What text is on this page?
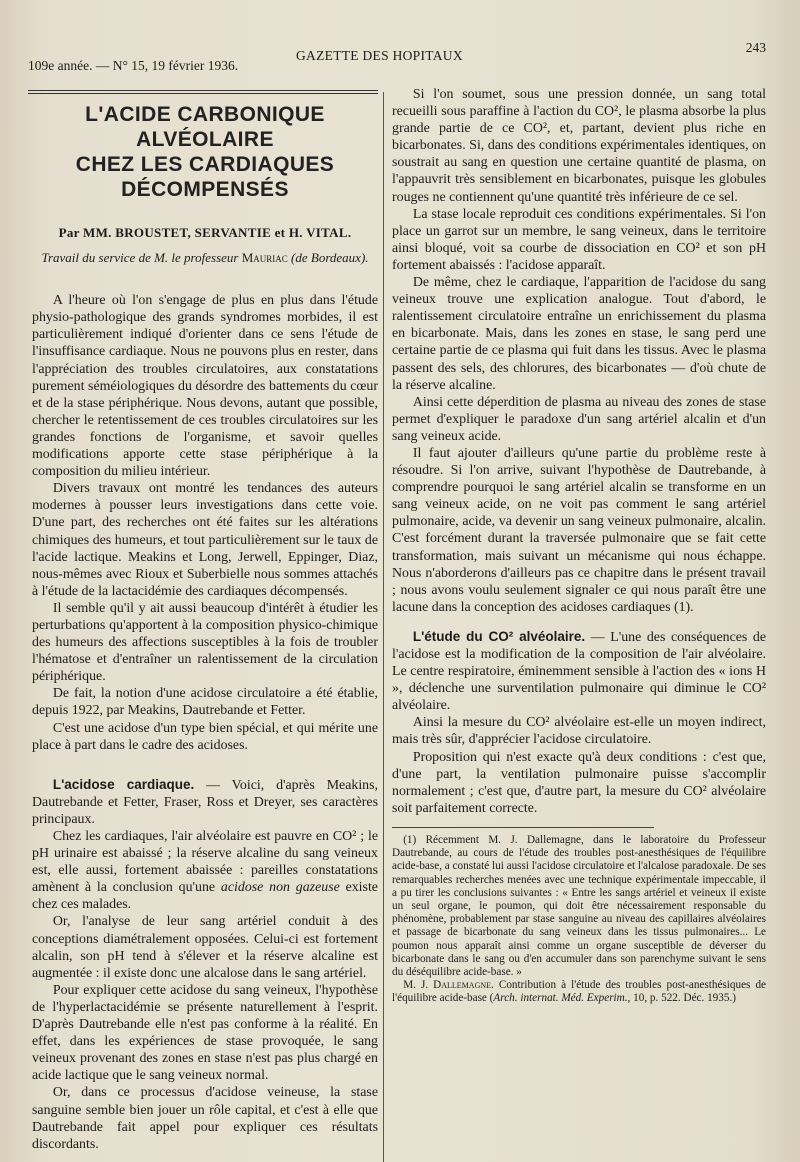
109e année. — N° 15, 19 février 1936.
GAZETTE DES HOPITAUX
243
L'ACIDE CARBONIQUE ALVÉOLAIRE
CHEZ LES CARDIAQUES DÉCOMPENSÉS
Par MM. BROUSTET, SERVANTIE et H. VITAL.
Travail du service de M. le professeur Mauriac (de Bordeaux).

A l'heure où l'on s'engage de plus en plus dans l'étude physio-pathologique des grands syndromes morbides, il est particulièrement indiqué d'orienter dans ce sens l'étude de l'insuffisance cardiaque. Nous ne pouvons plus en rester, dans l'appréciation des troubles circulatoires, aux constatations purement séméiologiques du désordre des battements du cœur et de la stase périphérique. Nous devons, autant que possible, chercher le retentissement de ces troubles circulatoires sur les grandes fonctions de l'organisme, et savoir quelles modifications apporte cette stase périphérique à la composition du milieu intérieur.

Divers travaux ont montré les tendances des auteurs modernes à pousser leurs investigations dans cette voie. D'une part, des recherches ont été faites sur les altérations chimiques des humeurs, et tout particulièrement sur le taux de l'acide lactique. Meakins et Long, Jerwell, Eppinger, Diaz, nous-mêmes avec Rioux et Suberbielle nous sommes attachés à l'étude de la lactacidémie des cardiaques décompensés.

Il semble qu'il y ait aussi beaucoup d'intérêt à étudier les perturbations qu'apportent à la composition physico-chimique des humeurs des affections susceptibles à la fois de troubler l'hématose et d'entraîner un ralentissement de la circulation périphérique.

De fait, la notion d'une acidose circulatoire a été établie, depuis 1922, par Meakins, Dautrebande et Fetter.

C'est une acidose d'un type bien spécial, et qui mérite une place à part dans le cadre des acidoses.

L'acidose cardiaque. — Voici, d'après Meakins, Dautrebande et Fetter, Fraser, Ross et Dreyer, ses caractères principaux.

Chez les cardiaques, l'air alvéolaire est pauvre en CO² ; le pH urinaire est abaissé ; la réserve alcaline du sang veineux est, elle aussi, fortement abaissée : pareilles constatations amènent à la conclusion qu'une acidose non gazeuse existe chez ces malades.

Or, l'analyse de leur sang artériel conduit à des conceptions diamétralement opposées. Celui-ci est fortement alcalin, son pH tend à s'élever et la réserve alcaline est augmentée : il existe donc une alcalose dans le sang artériel.

Pour expliquer cette acidose du sang veineux, l'hypothèse de l'hyperlactacidémie se présente naturellement à l'esprit. D'après Dautrebande elle n'est pas conforme à la réalité. En effet, dans les expériences de stase provoquée, le sang veineux provenant des zones en stase n'est pas plus chargé en acide lactique que le sang veineux normal.

Or, dans ce processus d'acidose veineuse, la stase sanguine semble bien jouer un rôle capital, et c'est à elle que Dautrebande fait appel pour expliquer ces résultats discordants.

Si l'on soumet, sous une pression donnée, un sang total recueilli sous paraffine à l'action du CO², le plasma absorbe la plus grande partie de ce CO², et, partant, devient plus riche en bicarbonates. Si, dans des conditions expérimentales identiques, on soustrait au sang en question une certaine quantité de plasma, on l'appauvrit très sensiblement en bicarbonates, puisque les globules rouges ne contiennent qu'une quantité très inférieure de ce sel.

La stase locale reproduit ces conditions expérimentales. Si l'on place un garrot sur un membre, le sang veineux, dans le territoire ainsi bloqué, voit sa courbe de dissociation en CO² et son pH fortement abaissés : l'acidose apparaît.

De même, chez le cardiaque, l'apparition de l'acidose du sang veineux trouve une explication analogue. Tout d'abord, le ralentissement circulatoire entraîne un enrichissement du plasma en bicarbonate. Mais, dans les zones en stase, le sang perd une certaine partie de ce plasma qui fuit dans les tissus. Avec le plasma passent des sels, des chlorures, des bicarbonates — d'où chute de la réserve alcaline.

Ainsi cette déperdition de plasma au niveau des zones de stase permet d'expliquer le paradoxe d'un sang artériel alcalin et d'un sang veineux acide.

Il faut ajouter d'ailleurs qu'une partie du problème reste à résoudre. Si l'on arrive, suivant l'hypothèse de Dautrebande, à comprendre pourquoi le sang artériel alcalin se transforme en un sang veineux acide, on ne voit pas comment le sang artériel pulmonaire, acide, va devenir un sang veineux pulmonaire, alcalin. C'est forcément durant la traversée pulmonaire que se fait cette transformation, mais suivant un mécanisme qui nous échappe. Nous n'aborderons d'ailleurs pas ce chapitre dans le présent travail ; nous avons voulu seulement signaler ce qui nous paraît être une lacune dans la conception des acidoses cardiaques (1).

L'étude du CO² alvéolaire. — L'une des conséquences de l'acidose est la modification de la composition de l'air alvéolaire. Le centre respiratoire, éminemment sensible à l'action des « ions H », déclenche une surventilation pulmonaire qui diminue le CO² alvéolaire.

Ainsi la mesure du CO² alvéolaire est-elle un moyen indirect, mais très sûr, d'apprécier l'acidose circulatoire.

Proposition qui n'est exacte qu'à deux conditions : c'est que, d'une part, la ventilation pulmonaire puisse s'accomplir normalement ; c'est que, d'autre part, la mesure du CO² alvéolaire soit parfaitement correcte.

(1) Récemment M. J. Dallemagne, dans le laboratoire du Professeur Dautrebande, au cours de l'étude des troubles post-anesthésiques de l'équilibre acide-base, a constaté lui aussi l'acidose circulatoire et l'alcalose paradoxale. De ses remarquables recherches menées avec une technique expérimentale impeccable, il a pu tirer les conclusions suivantes : « Entre les sangs artériel et veineux il existe un seul organe, le poumon, qui doit être nécessairement responsable du phénomène, probablement par stase sanguine au niveau des capillaires alvéolaires et passage de bicarbonate du sang veineux dans les tissus pulmonaires... Le poumon nous apparaît ainsi comme un organe susceptible de déverser du bicarbonate dans le sang ou d'en accumuler dans son parenchyme suivant le sens du déséquilibre acide-base. »

M. J. Dallemagne. Contribution à l'étude des troubles post-anesthésiques de l'équilibre acide-base (Arch. internat. Méd. Experim., 10, p. 522. Déc. 1935.)
